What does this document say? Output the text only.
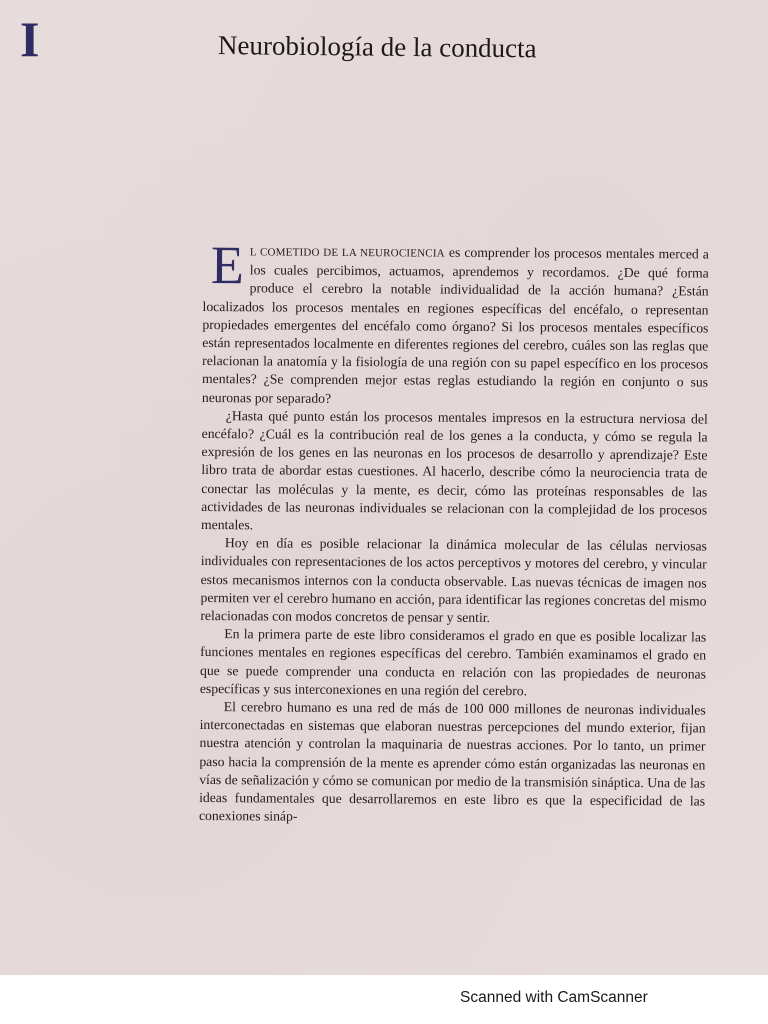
I	Neurobiología de la conducta

E L COMETIDO DE LA NEUROCIENCIA es comprender los procesos mentales merced a los cuales percibimos, actuamos, aprendemos y recordamos. ¿De qué forma produce el cerebro la notable individualidad de la acción humana? ¿Están localizados los procesos mentales en regiones específicas del encéfalo, o representan propiedades emergentes del encéfalo como órgano? Si los procesos mentales específicos están representados localmente en diferentes regiones del cerebro, cuáles son las reglas que relacionan la anatomía y la fisiología de una región con su papel específico en los procesos mentales? ¿Se comprenden mejor estas reglas estudiando la región en conjunto o sus neuronas por separado?

¿Hasta qué punto están los procesos mentales impresos en la estructura nerviosa del encéfalo? ¿Cuál es la contribución real de los genes a la conducta, y cómo se regula la expresión de los genes en las neuronas en los procesos de desarrollo y aprendizaje? Este libro trata de abordar estas cuestiones. Al hacerlo, describe cómo la neurociencia trata de conectar las moléculas y la mente, es decir, cómo las proteínas responsables de las actividades de las neuronas individuales se relacionan con la complejidad de los procesos mentales.

Hoy en día es posible relacionar la dinámica molecular de las células nerviosas individuales con representaciones de los actos perceptivos y motores del cerebro, y vincular estos mecanismos internos con la conducta observable. Las nuevas técnicas de imagen nos permiten ver el cerebro humano en acción, para identificar las regiones concretas del mismo relacionadas con modos concretos de pensar y sentir.

En la primera parte de este libro consideramos el grado en que es posible localizar las funciones mentales en regiones específicas del cerebro. También examinamos el grado en que se puede comprender una conducta en relación con las propiedades de neuronas específicas y sus interconexiones en una región del cerebro.

El cerebro humano es una red de más de 100 000 millones de neuronas individuales interconectadas en sistemas que elaboran nuestras percepciones del mundo exterior, fijan nuestra atención y controlan la maquinaria de nuestras acciones. Por lo tanto, un primer paso hacia la comprensión de la mente es aprender cómo están organizadas las neuronas en vías de señalización y cómo se comunican por medio de la transmisión sináptica. Una de las ideas fundamentales que desarrollaremos en este libro es que la especificidad de las conexiones sináp-

Scanned with CamScanner
